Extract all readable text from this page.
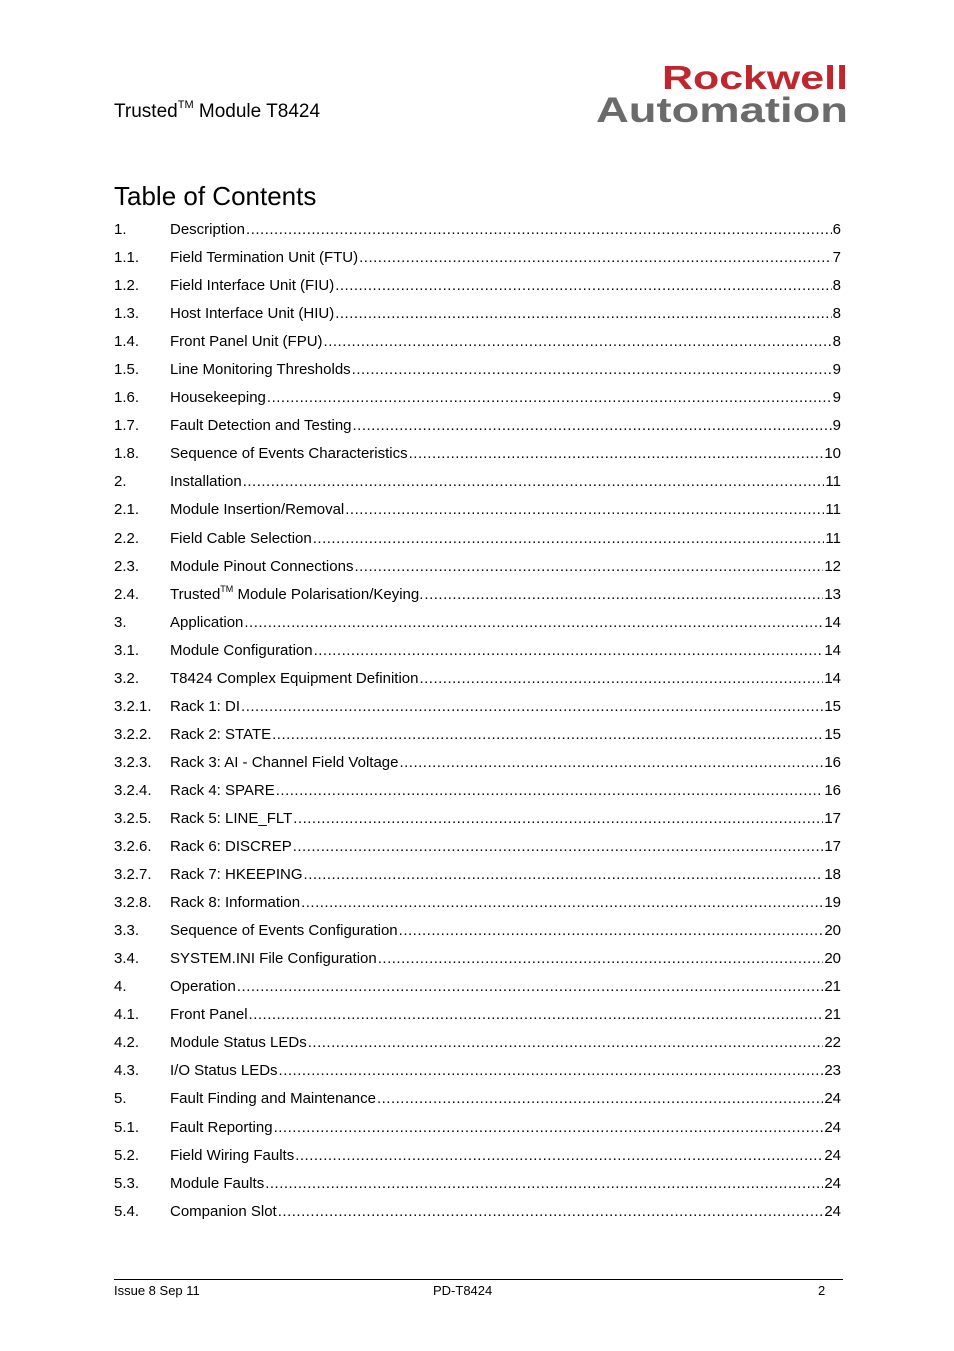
Trusted™ Module T8424
Rockwell
Automation
Table of Contents
1.	Description .....	6
1.1.	Field Termination Unit (FTU) .....	7
1.2.	Field Interface Unit (FIU) .....	8
1.3.	Host Interface Unit (HIU) .....	8
1.4.	Front Panel Unit (FPU) .....	8
1.5.	Line Monitoring Thresholds .....	9
1.6.	Housekeeping .....	9
1.7.	Fault Detection and Testing .....	9
1.8.	Sequence of Events Characteristics .....	10
2.	Installation .....	11
2.1.	Module Insertion/Removal .....	11
2.2.	Field Cable Selection .....	11
2.3.	Module Pinout Connections .....	12
2.4.	Trusted™ Module Polarisation/Keying. .....	13
3.	Application .....	14
3.1.	Module Configuration .....	14
3.2.	T8424 Complex Equipment Definition .....	14
3.2.1.	Rack 1: DI .....	15
3.2.2.	Rack 2: STATE .....	15
3.2.3.	Rack 3: AI - Channel Field Voltage .....	16
3.2.4.	Rack 4: SPARE .....	16
3.2.5.	Rack 5: LINE_FLT .....	17
3.2.6.	Rack 6: DISCREP .....	17
3.2.7.	Rack 7: HKEEPING .....	18
3.2.8.	Rack 8: Information .....	19
3.3.	Sequence of Events Configuration .....	20
3.4.	SYSTEM.INI File Configuration .....	20
4.	Operation .....	21
4.1.	Front Panel .....	21
4.2.	Module Status LEDs .....	22
4.3.	I/O Status LEDs .....	23
5.	Fault Finding and Maintenance .....	24
5.1.	Fault Reporting .....	24
5.2.	Field Wiring Faults .....	24
5.3.	Module Faults .....	24
5.4.	Companion Slot .....	24
Issue 8 Sep 11	PD-T8424	2
